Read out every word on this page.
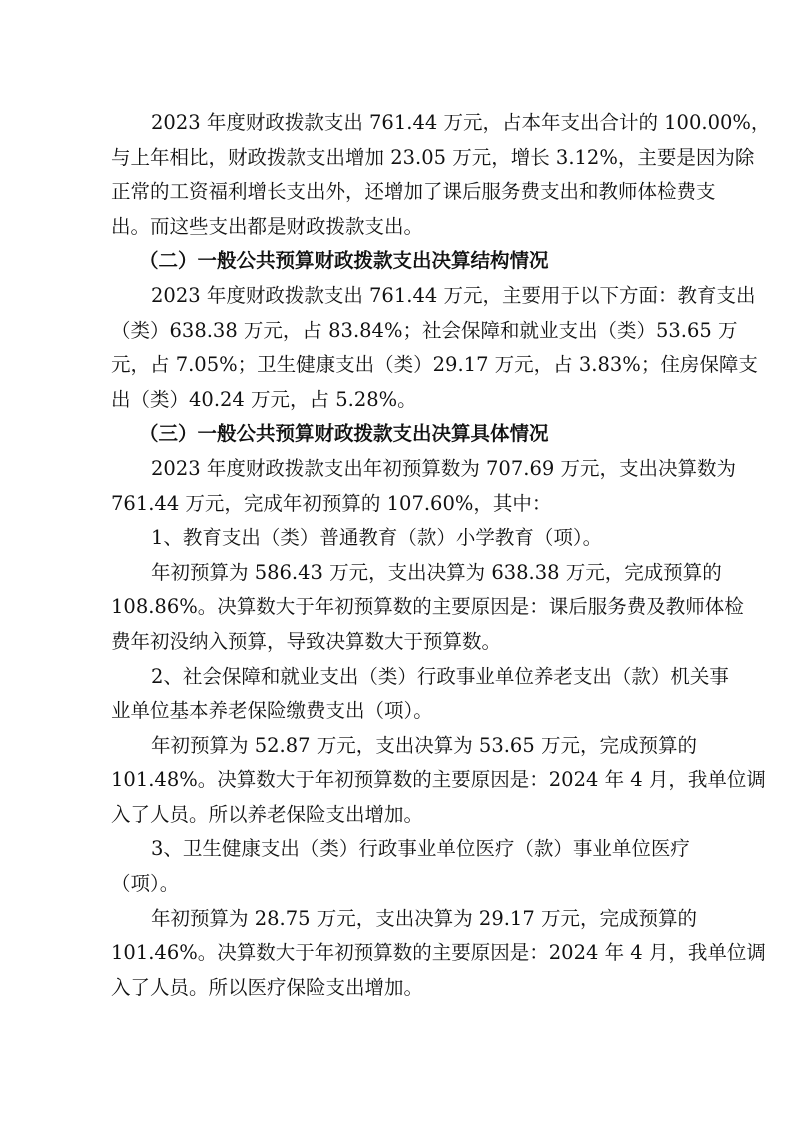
2023 年度财政拨款支出 761.44 万元，占本年支出合计的 100.00%，
与上年相比，财政拨款支出增加 23.05 万元，增长 3.12%，主要是因为除
正常的工资福利增长支出外，还增加了课后服务费支出和教师体检费支
出。而这些支出都是财政拨款支出。
（二）一般公共预算财政拨款支出决算结构情况
2023 年度财政拨款支出 761.44 万元，主要用于以下方面：教育支出
（类）638.38 万元，占 83.84%；社会保障和就业支出（类）53.65 万
元，占 7.05%；卫生健康支出（类）29.17 万元，占 3.83%；住房保障支
出（类）40.24 万元，占 5.28%。
（三）一般公共预算财政拨款支出决算具体情况
2023 年度财政拨款支出年初预算数为 707.69 万元，支出决算数为
761.44 万元，完成年初预算的 107.60%，其中：
1、教育支出（类）普通教育（款）小学教育（项）。
年初预算为 586.43 万元，支出决算为 638.38 万元，完成预算的
108.86%。决算数大于年初预算数的主要原因是：课后服务费及教师体检
费年初没纳入预算，导致决算数大于预算数。
2、社会保障和就业支出（类）行政事业单位养老支出（款）机关事
业单位基本养老保险缴费支出（项）。
年初预算为 52.87 万元，支出决算为 53.65 万元，完成预算的
101.48%。决算数大于年初预算数的主要原因是：2024 年 4 月，我单位调
入了人员。所以养老保险支出增加。
3、卫生健康支出（类）行政事业单位医疗（款）事业单位医疗
（项）。
年初预算为 28.75 万元，支出决算为 29.17 万元，完成预算的
101.46%。决算数大于年初预算数的主要原因是：2024 年 4 月，我单位调
入了人员。所以医疗保险支出增加。
